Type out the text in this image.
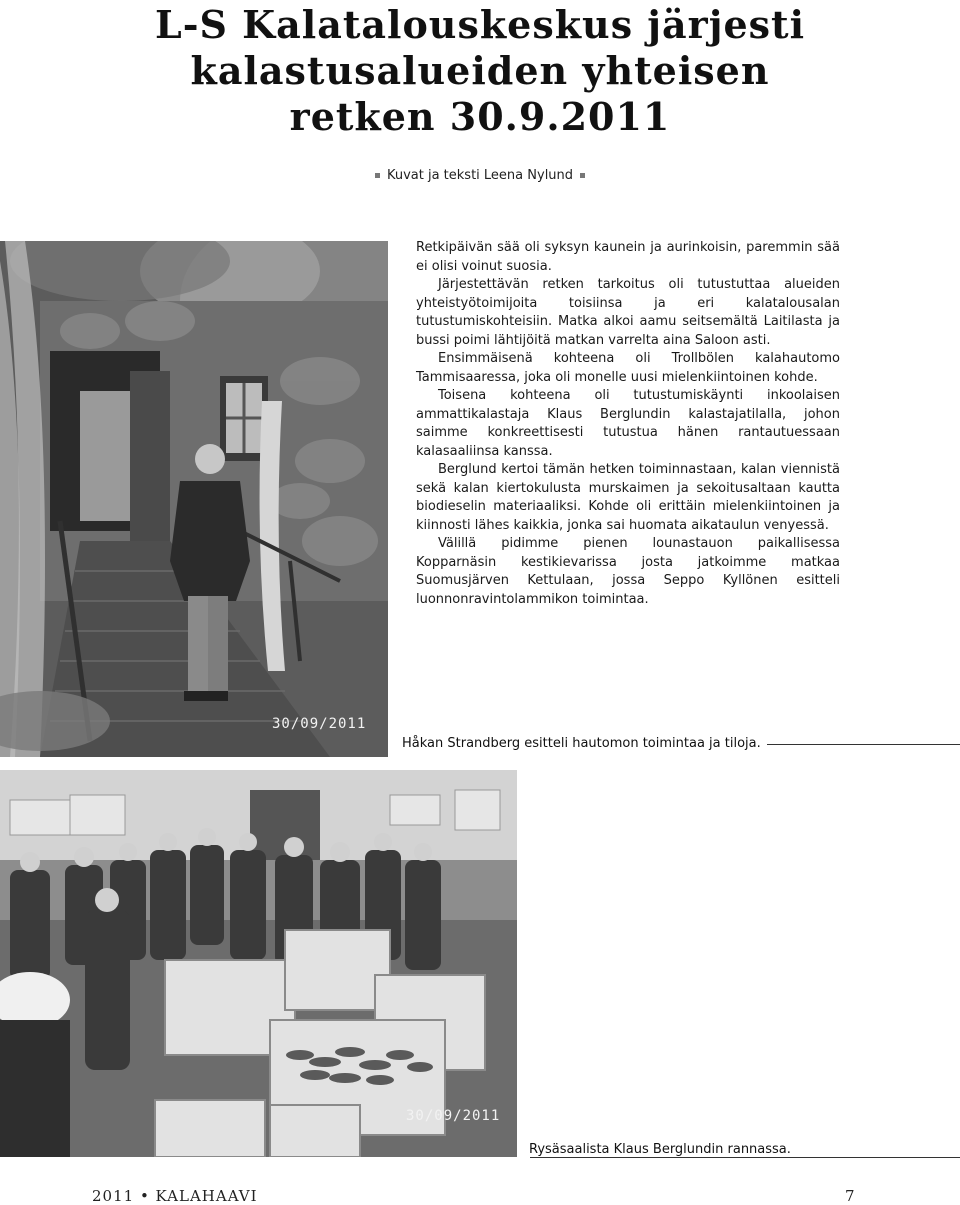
L-S Kalatalouskeskus järjesti kalastusalueiden yhteisen retken 30.9.2011
Kuvat ja teksti Leena Nylund
30/09/2011
Håkan Strandberg esitteli hautomon toimintaa ja tiloja.

Retkipäivän sää oli syksyn kaunein ja aurinkoisin, paremmin sää ei olisi voinut suosia.

Järjestettävän retken tarkoitus oli tutustuttaa alueiden yhteistyötoimijoita toisiinsa ja eri kalatalousalan tutustumiskohteisiin. Matka alkoi aamu seitsemältä Laitilasta ja bussi poimi lähtijöitä matkan varrelta aina Saloon asti.

Ensimmäisenä kohteena oli Trollbölen kalahautomo Tammisaaressa, joka oli monelle uusi mielenkiintoinen kohde.

Toisena kohteena oli tutustumiskäynti inkoolaisen ammattikalastaja Klaus Berglundin kalastajatilalla, johon saimme konkreettisesti tutustua hänen rantautuessaan kalasaaliinsa kanssa.

Berglund kertoi tämän hetken toiminnastaan, kalan viennistä sekä kalan kiertokulusta murskaimen ja sekoitusaltaan kautta biodieselin materiaaliksi. Kohde oli erittäin mielenkiintoinen ja kiinnosti lähes kaikkia, jonka sai huomata aikataulun venyessä.

Välillä pidimme pienen lounastauon paikallisessa Kopparnäsin kestikievarissa josta jatkoimme matkaa Suomusjärven Kettulaan, jossa Seppo Kyllönen esitteli luonnonravintolammikon toimintaa.

30/09/2011
Rysäsaalista Klaus Berglundin rannassa.
2011 • KALAHAAVI	7
